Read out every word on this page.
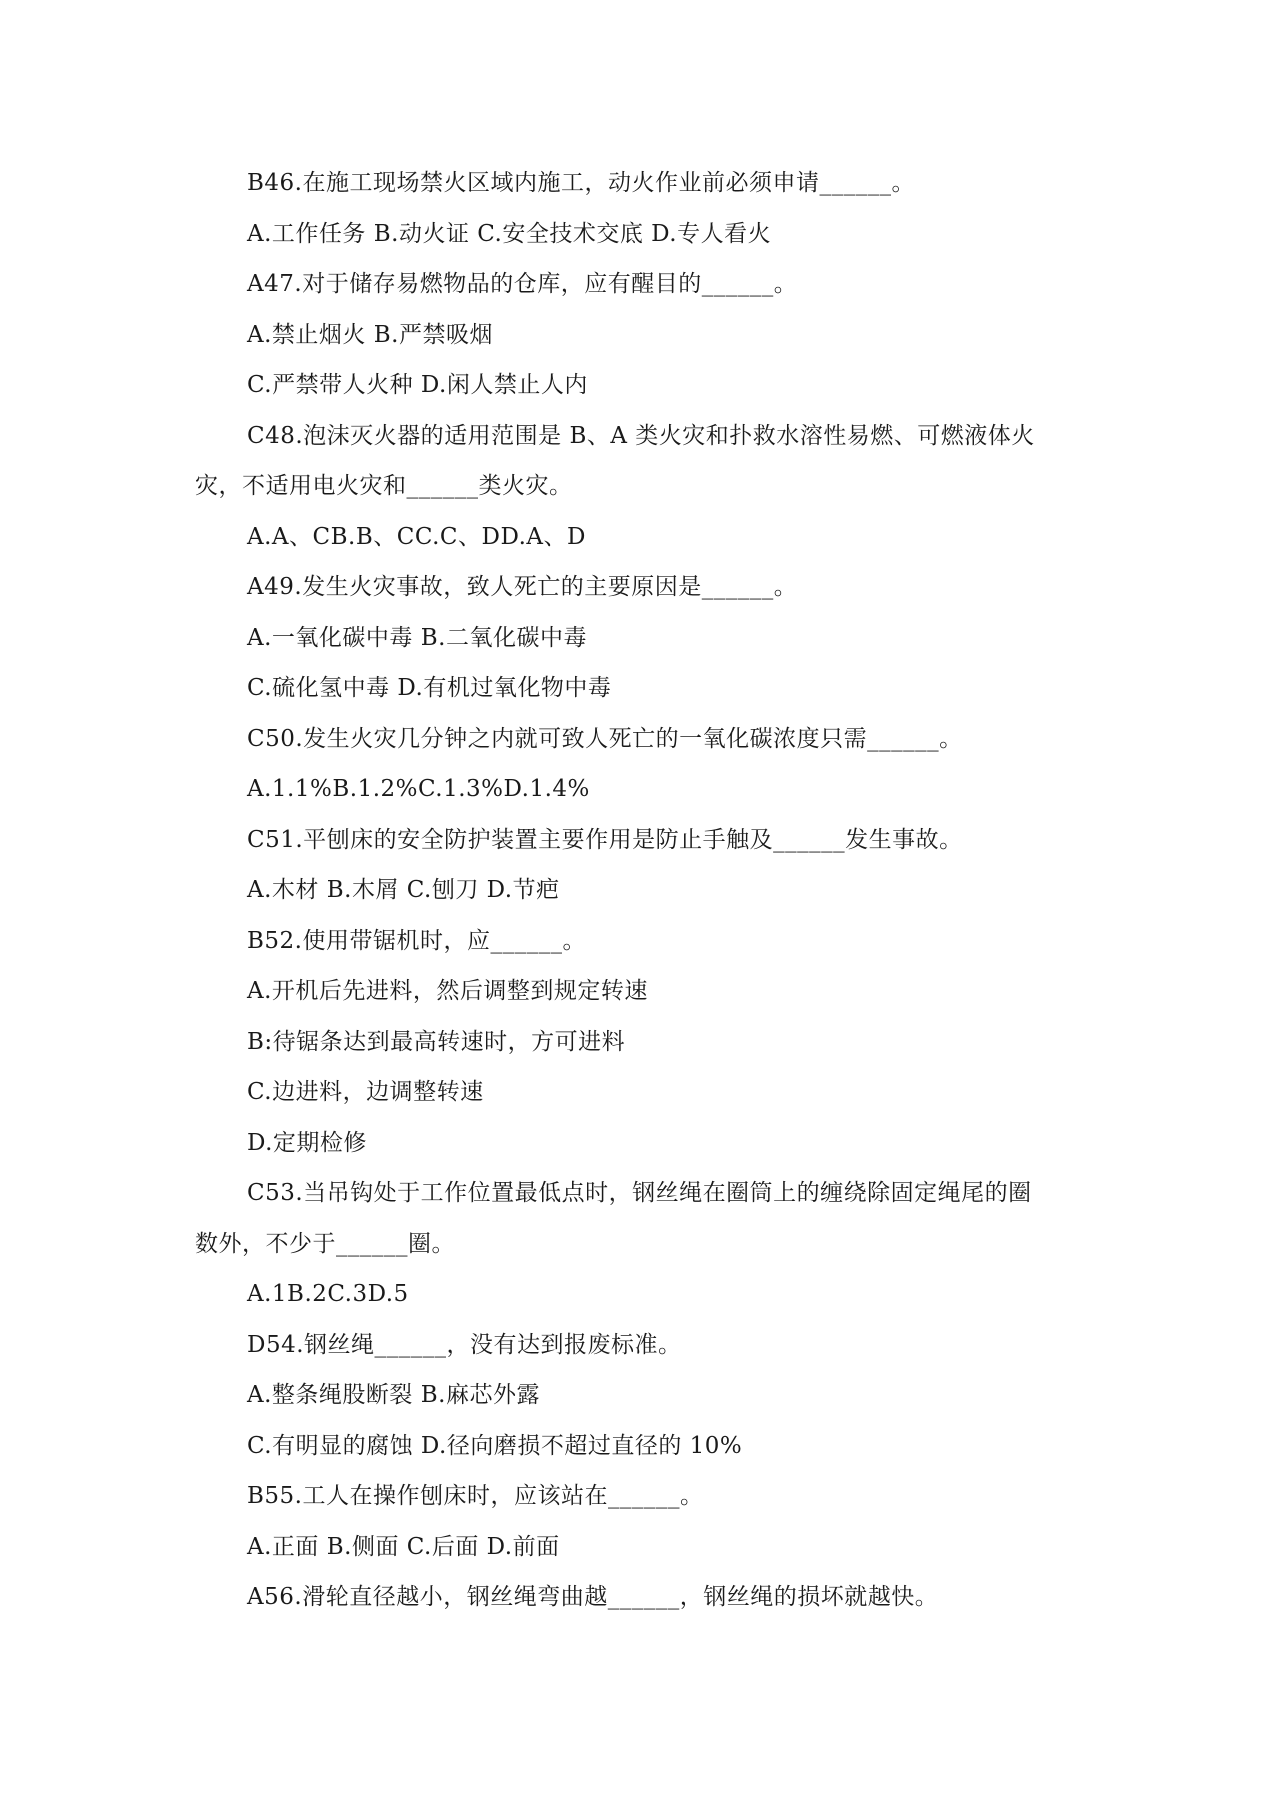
B46.在施工现场禁火区域内施工，动火作业前必须申请______。
A.工作任务 B.动火证 C.安全技术交底 D.专人看火
A47.对于储存易燃物品的仓库，应有醒目的______。
A.禁止烟火 B.严禁吸烟
C.严禁带人火种 D.闲人禁止人内
C48.泡沫灭火器的适用范围是 B、A 类火灾和扑救水溶性易燃、可燃液体火
灾，不适用电火灾和______类火灾。
A.A、CB.B、CC.C、DD.A、D
A49.发生火灾事故，致人死亡的主要原因是______。
A.一氧化碳中毒 B.二氧化碳中毒
C.硫化氢中毒 D.有机过氧化物中毒
C50.发生火灾几分钟之内就可致人死亡的一氧化碳浓度只需______。
A.1.1%B.1.2%C.1.3%D.1.4%
C51.平刨床的安全防护装置主要作用是防止手触及______发生事故。
A.木材 B.木屑 C.刨刀 D.节疤
B52.使用带锯机时，应______。
A.开机后先进料，然后调整到规定转速
B:待锯条达到最高转速时，方可进料
C.边进料，边调整转速
D.定期检修
C53.当吊钩处于工作位置最低点时，钢丝绳在圈筒上的缠绕除固定绳尾的圈
数外，不少于______圈。
A.1B.2C.3D.5
D54.钢丝绳______，没有达到报废标准。
A.整条绳股断裂 B.麻芯外露
C.有明显的腐蚀 D.径向磨损不超过直径的 10%
B55.工人在操作刨床时，应该站在______。
A.正面 B.侧面 C.后面 D.前面
A56.滑轮直径越小，钢丝绳弯曲越______，钢丝绳的损坏就越快。
